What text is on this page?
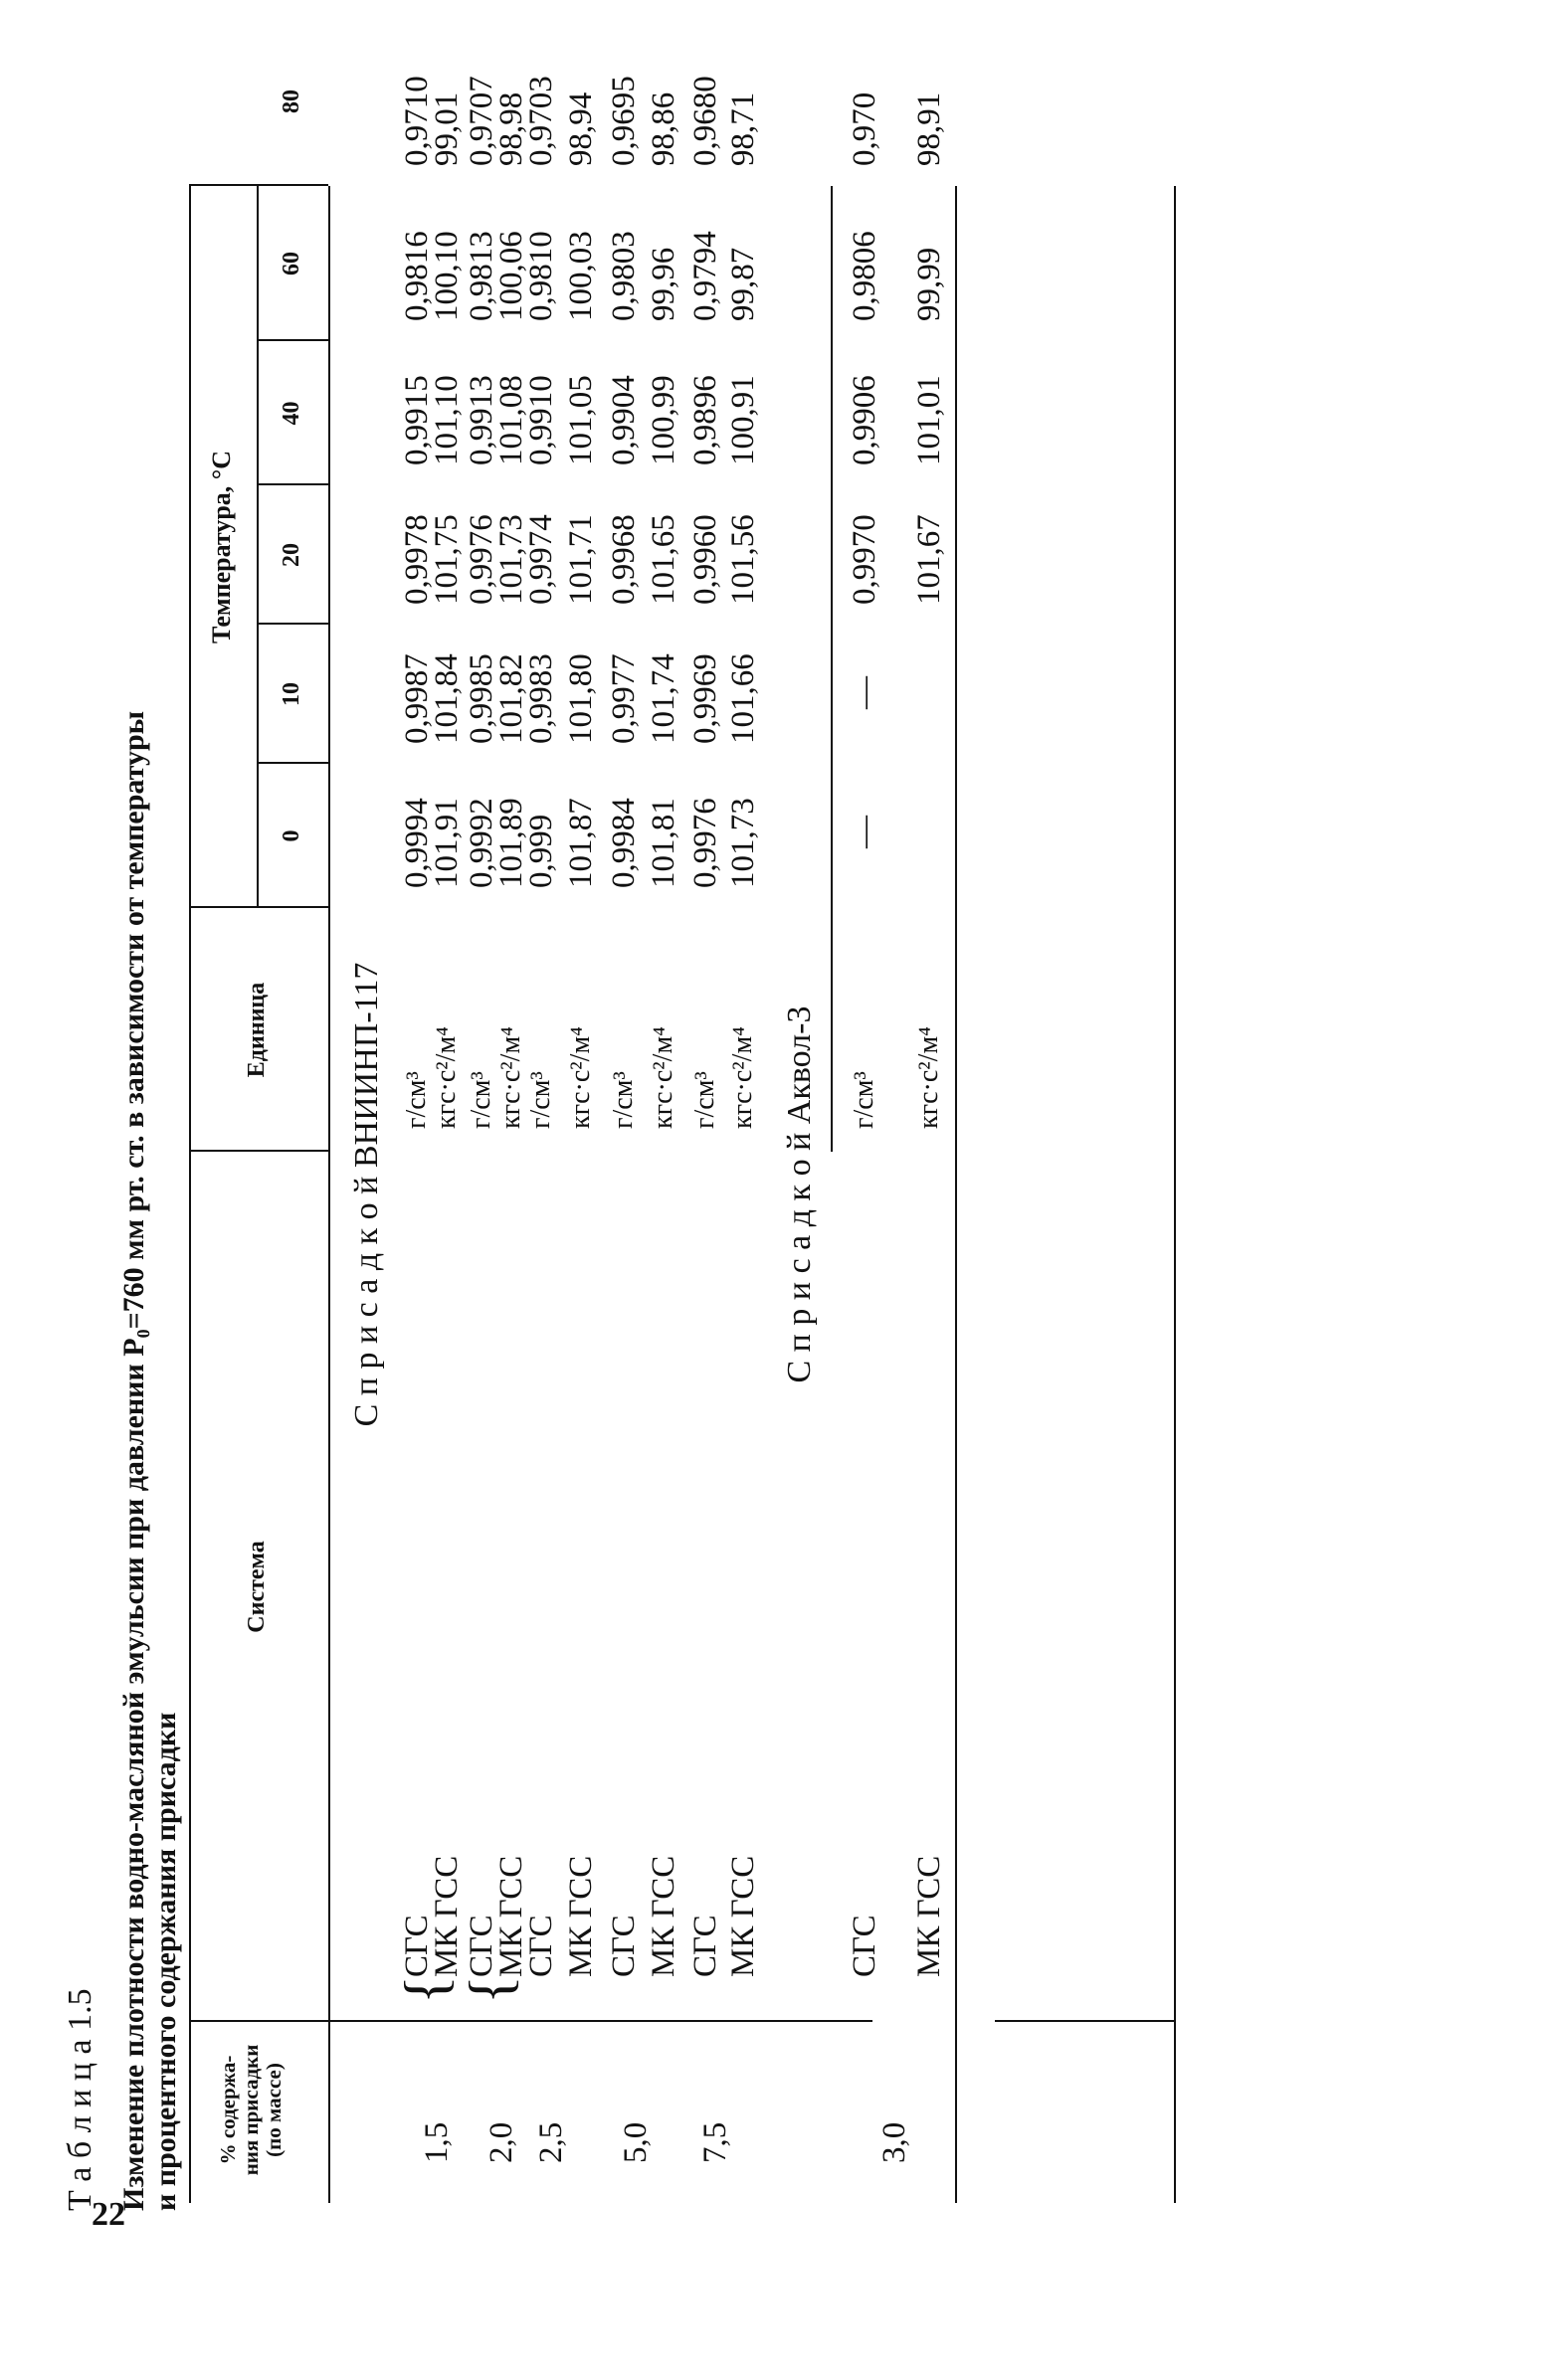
22
Т а б л и ц а 1.5 Изменение плотности водно-масляной эмульсии при давлении P₀=760 мм рт. ст. в зависимости от температуры и процентного содержания присадки % содержа- ния присадки (по массе)
Система
Единица
Температура, °С
0
10
20
40
60
80
С п р и с а д к о й ВНИИНП-117
1,5
{
СГС
МК ГСС
г/см³ кгс·с²/м⁴
0,9994
0,9987
0,9978
0,9915
0,9816
0,9710
101,91
101,84
101,75
101,10
100,10
99,01
2,0
{
СГС
МК ГСС
г/см³ кгс·с²/м⁴
0,9992
0,9985
0,9976
0,9913
0,9813
0,9707
101,89
101,82
101,73
101,08
100,06
98,98
2,5
СГС МК ГСС
г/см³ кгс·с²/м⁴
0,999
0,9983
0,9974
0,9910
0,9810
0,9703
101,87
101,80
101,71
101,05
100,03
98,94
5,0
СГС МК ГСС
г/см³ кгс·с²/м⁴
0,9984
0,9977
0,9968
0,9904
0,9803
0,9695
101,81
101,74
101,65
100,99
99,96
98,86
7,5
СГС МК ГСС
г/см³ кгс·с²/м⁴
0,9976
0,9969
0,9960
0,9896
0,9794
0,9680
101,73
101,66
101,56
100,91
99,87
98,71
С п р и с а д к о й Аквол-3
3,0
СГС МК ГСС
г/см³ кгс·с²/м⁴
—
—
0,9970
0,9906
0,9806
0,970
101,67
101,01
99,99
98,91
